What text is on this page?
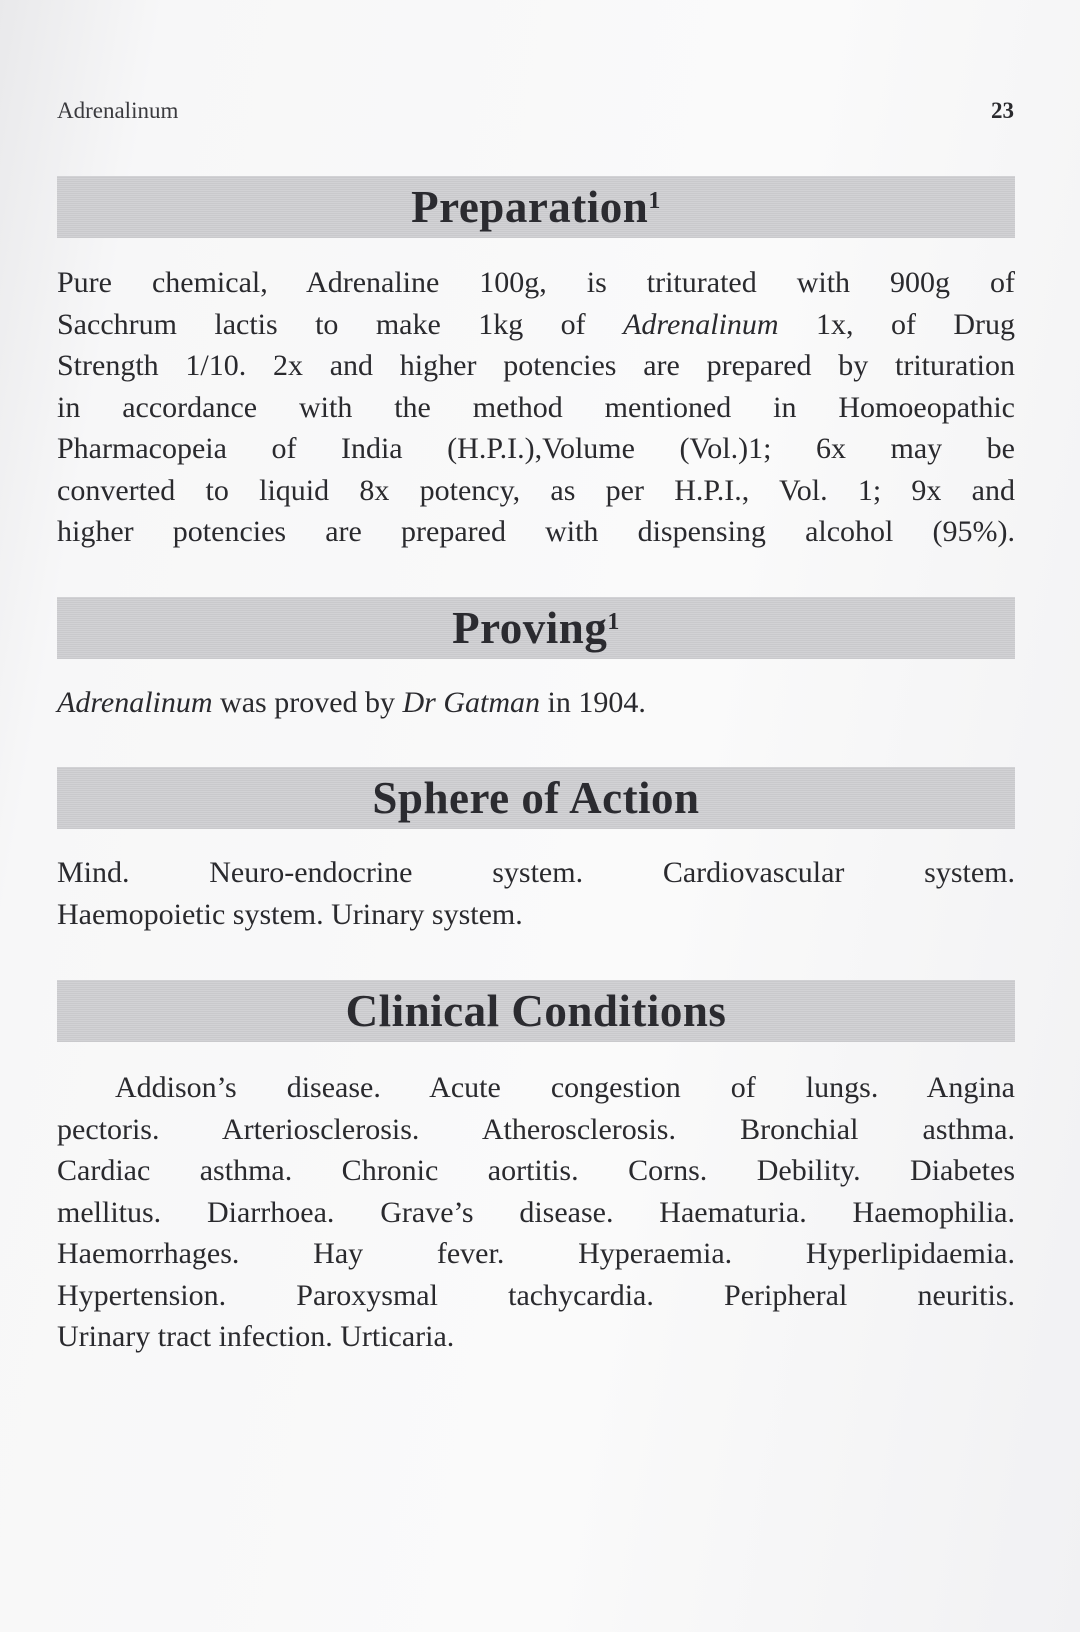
Adrenalinum	23
Preparation$^1$
Pure chemical, Adrenaline 100g, is triturated with 900g of
Sacchrum lactis to make 1kg of Adrenalinum 1x, of Drug
Strength 1/10. 2x and higher potencies are prepared by trituration
in accordance with the method mentioned in Homoeopathic
Pharmacopeia of India (H.P.I.),Volume (Vol.)1; 6x may be
converted to liquid 8x potency, as per H.P.I., Vol. 1; 9x and
higher potencies are prepared with dispensing alcohol (95%).
Proving$^1$
Adrenalinum was proved by Dr Gatman in 1904.
Sphere of Action
Mind. Neuro-endocrine system. Cardiovascular system.
Haemopoietic system. Urinary system.
Clinical Conditions
Addison’s disease. Acute congestion of lungs. Angina
pectoris. Arteriosclerosis. Atherosclerosis. Bronchial asthma.
Cardiac asthma. Chronic aortitis. Corns. Debility. Diabetes
mellitus. Diarrhoea. Grave’s disease. Haematuria. Haemophilia.
Haemorrhages. Hay fever. Hyperaemia. Hyperlipidaemia.
Hypertension. Paroxysmal tachycardia. Peripheral neuritis.
Urinary tract infection. Urticaria.
